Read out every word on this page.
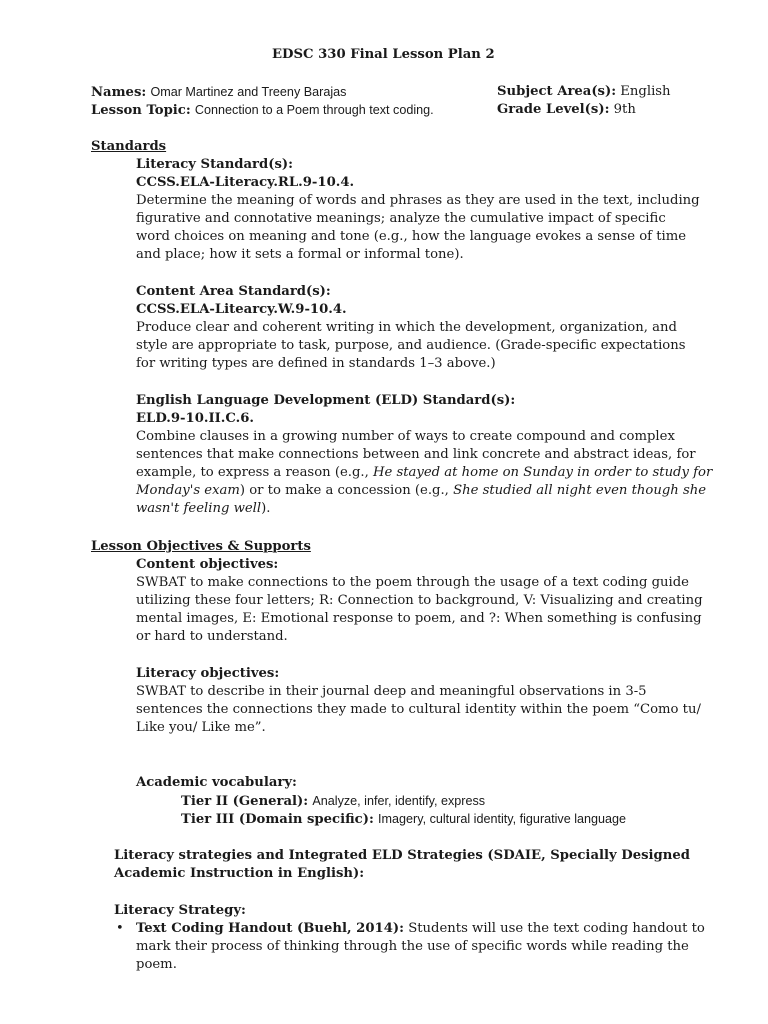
EDSC 330 Final Lesson Plan 2
Names: Omar Martinez and Treeny Barajas	Subject Area(s): English
Lesson Topic: Connection to a Poem through text coding.	Grade Level(s): 9th
Standards
Literacy Standard(s):
CCSS.ELA-Literacy.RL.9-10.4.
Determine the meaning of words and phrases as they are used in the text, including
figurative and connotative meanings; analyze the cumulative impact of specific
word choices on meaning and tone (e.g., how the language evokes a sense of time
and place; how it sets a formal or informal tone).
Content Area Standard(s):
CCSS.ELA-Litearcy.W.9-10.4.
Produce clear and coherent writing in which the development, organization, and
style are appropriate to task, purpose, and audience. (Grade-specific expectations
for writing types are defined in standards 1–3 above.)
English Language Development (ELD) Standard(s):
ELD.9-10.II.C.6.
Combine clauses in a growing number of ways to create compound and complex
sentences that make connections between and link concrete and abstract ideas, for
example, to express a reason (e.g., He stayed at home on Sunday in order to study for
Monday's exam) or to make a concession (e.g., She studied all night even though she
wasn't feeling well).
Lesson Objectives & Supports
Content objectives:
SWBAT to make connections to the poem through the usage of a text coding guide
utilizing these four letters; R: Connection to background, V: Visualizing and creating
mental images, E: Emotional response to poem, and ?: When something is confusing
or hard to understand.
Literacy objectives:
SWBAT to describe in their journal deep and meaningful observations in 3-5
sentences the connections they made to cultural identity within the poem “Como tu/
Like you/ Like me”.
Academic vocabulary:
Tier II (General): Analyze, infer, identify, express
Tier III (Domain specific): Imagery, cultural identity, figurative language
Literacy strategies and Integrated ELD Strategies (SDAIE, Specially Designed
Academic Instruction in English):
Literacy Strategy:
• Text Coding Handout (Buehl, 2014): Students will use the text coding handout to
mark their process of thinking through the use of specific words while reading the
poem.
